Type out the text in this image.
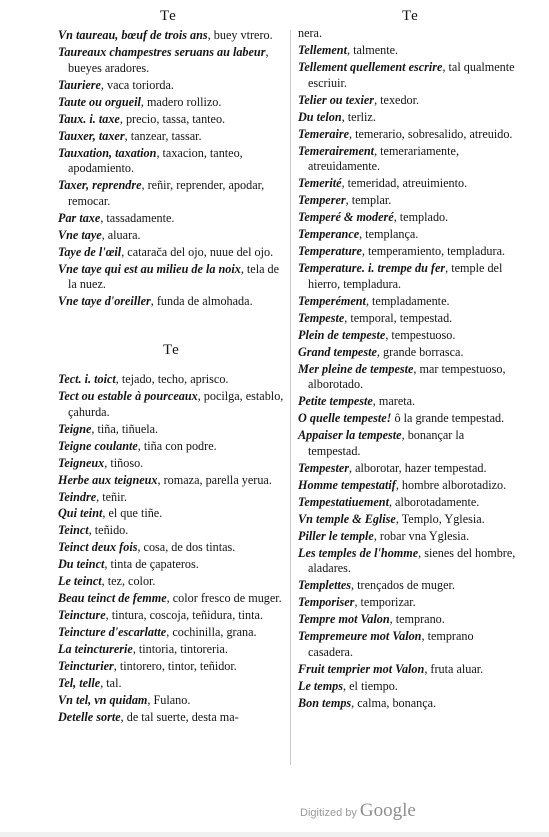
Te	Te
Vn taureau, bœuf de trois ans, buey vtrero.
Taureaux champestres seruans au labeur, bueyes aradores.
Tauriere, vaca toriorda.
Taute ou orgueil, madero rollizo.
Taux. i. taxe, precio, tassa, tanteo.
Tauxer, taxer, tanzear, tassar.
Tauxation, taxation, taxacion, tanteo, apodamiento.
Taxer, reprendre, reñir, reprender, apodar, remocar.
Par taxe, tassadamente.
Vne taye, aluara.
Taye de l'œil, catarača del ojo, nuue del ojo.
Vne taye qui est au milieu de la noix, tela de la nuez.
Vne taye d'oreiller, funda de almohada.
Te
Tect. i. toict, tejado, techo, aprisco.
Tect ou estable à pourceaux, pocilga, establo, çahurda.
Teigne, tiña, tiñuela.
Teigne coulante, tiña con podre.
Teigneux, tiñoso.
Herbe aux teigneux, romaza, parella yerua.
Teindre, teñir.
Qui teint, el que tiñe.
Teinct, teñido.
Teinct deux fois, cosa, de dos tintas.
Du teinct, tinta de çapateros.
Le teinct, tez, color.
Beau teinct de femme, color fresco de muger.
Teincture, tintura, coscoja, teñidura, tinta.
Teincture d'escarlatte, cochinilla, grana.
La teincturerie, tintoria, tintoreria.
Teincturier, tintorero, tintor, teñidor.
Tel, telle, tal.
Vn tel, vn quidam, Fulano.
Detelle sorte, de tal suerte, desta ma-
nera.
Tellement, talmente.
Tellement quellement escrire, tal qualmente escriuir.
Telier ou texier, texedor.
Du telon, terliz.
Temeraire, temerario, sobresalido, atreuido.
Temerairement, temerariamente, atreuidamente.
Temerité, temeridad, atreuimiento.
Temperer, templar.
Temperé & moderé, templado.
Temperance, templança.
Temperature, temperamiento, templadura.
Temperature. i. trempe du fer, temple del hierro, templadura.
Temperément, templadamente.
Tempeste, temporal, tempestad.
Plein de tempeste, tempestuoso.
Grand tempeste, grande borrasca.
Mer pleine de tempeste, mar tempestuoso, alborotado.
Petite tempeste, mareta.
O quelle tempeste! ô la grande tempestad.
Appaiser la tempeste, bonançar la tempestad.
Tempester, alborotar, hazer tempestad.
Homme tempestatif, hombre alborotadizo.
Tempestatiuement, alborotadamente.
Vn temple & Eglise, Templo, Yglesia.
Piller le temple, robar vna Yglesia.
Les temples de l'homme, sienes del hombre, aladares.
Templettes, trençados de muger.
Temporiser, temporizar.
Tempre mot Valon, temprano.
Tempremeure mot Valon, temprano casadera.
Fruit temprier mot Valon, fruta aluar.
Le temps, el tiempo.
Bon temps, calma, bonança.
Digitized by Google
